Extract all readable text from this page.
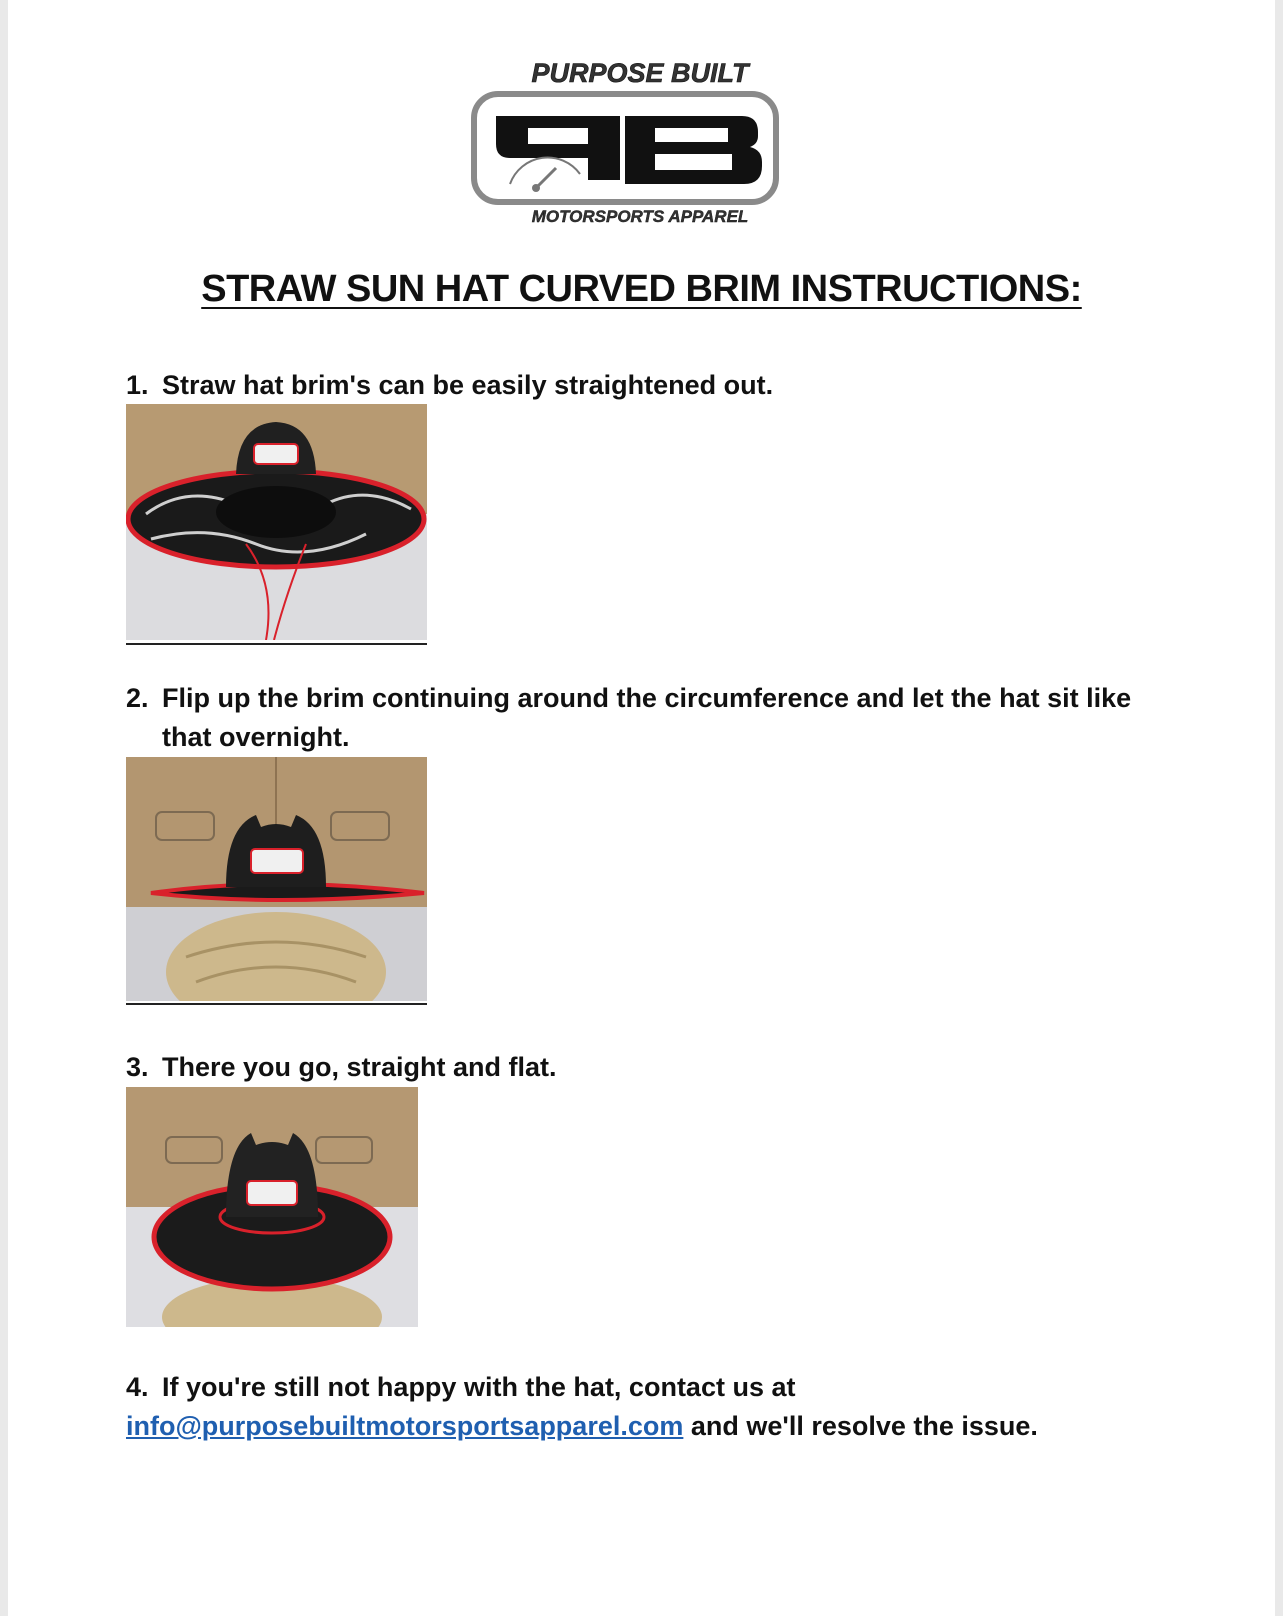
PURPOSE BUILT
MOTORSPORTS APPAREL
STRAW SUN HAT CURVED BRIM INSTRUCTIONS:
1. Straw hat brim's can be easily straightened out.
2. Flip up the brim continuing around the circumference and let the hat sit like
that overnight.
3. There you go, straight and flat.
4. If you're still not happy with the hat, contact us at
info@purposebuiltmotorsportsapparel.com and we'll resolve the issue.
